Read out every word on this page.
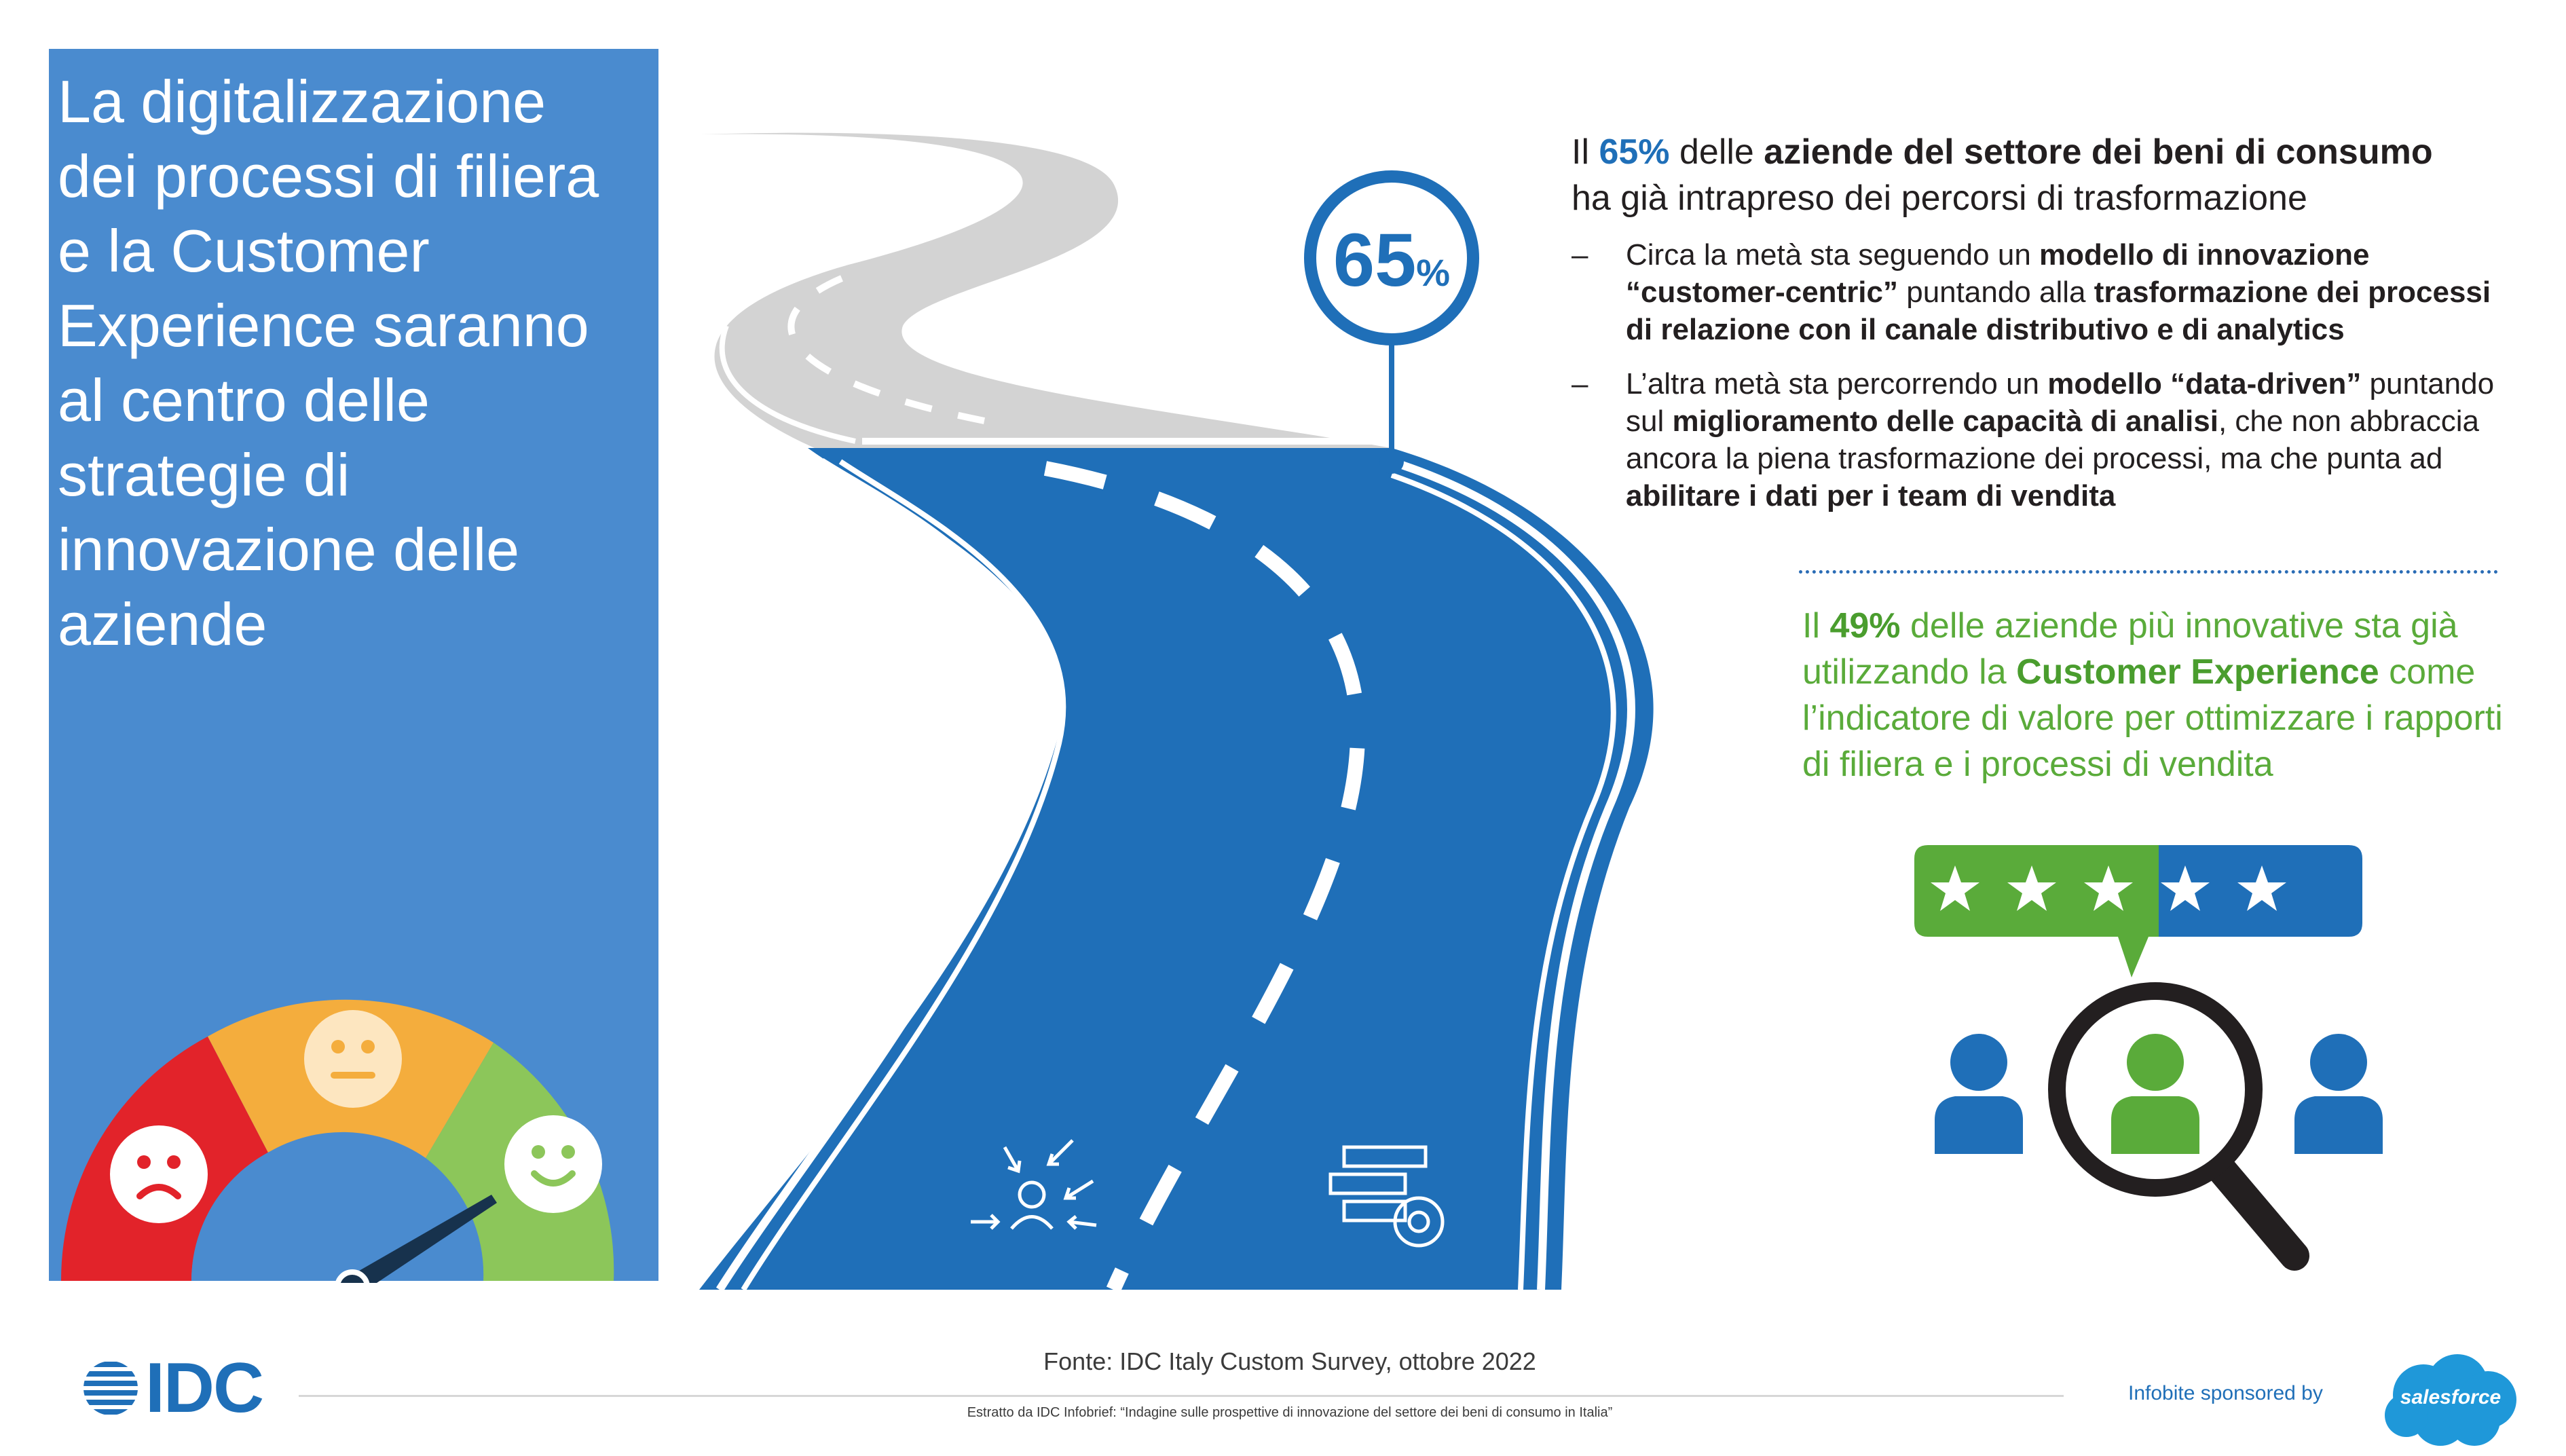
La digitalizzazione dei processi di filiera e la Customer Experience saranno al centro delle strategie di innovazione delle aziende
65%
Il 65% delle aziende del settore dei beni di consumo
ha già intrapreso dei percorsi di trasformazione
–	Circa la metà sta seguendo un modello di innovazione “customer-centric” puntando alla trasformazione dei processi di relazione con il canale distributivo e di analytics
–	L’altra metà sta percorrendo un modello “data-driven” puntando sul miglioramento delle capacità di analisi, che non abbraccia ancora la piena trasformazione dei processi, ma che punta ad abilitare i dati per i team di vendita
Il 49% delle aziende più innovative sta già utilizzando la Customer Experience come l’indicatore di valore per ottimizzare i rapporti di filiera e i processi di vendita
Fonte: IDC Italy Custom Survey, ottobre 2022
Estratto da IDC Infobrief: “Indagine sulle prospettive di innovazione del settore dei beni di consumo in Italia”
IDC	Infobite sponsored by	salesforce
